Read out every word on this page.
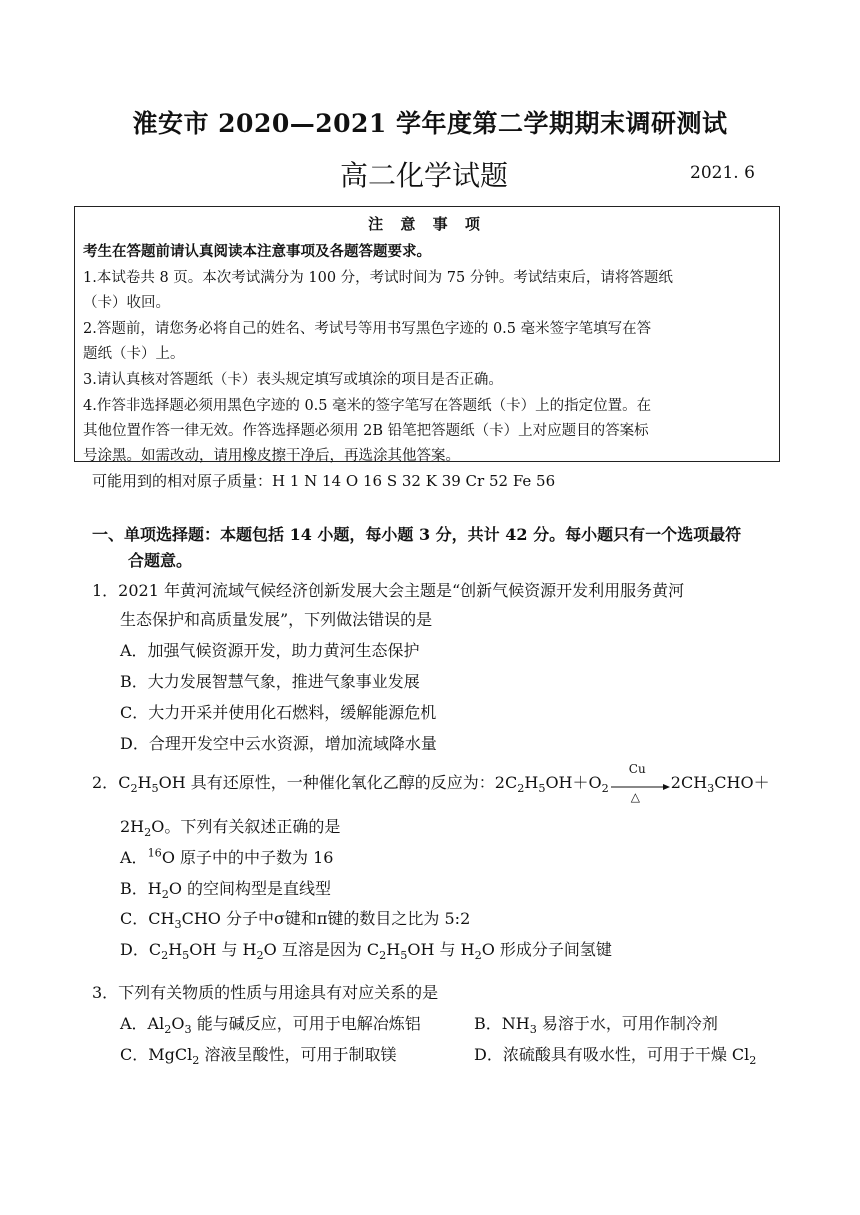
淮安市 2020—2021 学年度第二学期期末调研测试
高二化学试题	2021. 6
注 意 事 项
考生在答题前请认真阅读本注意事项及各题答题要求。
1.本试卷共 8 页。本次考试满分为 100 分，考试时间为 75 分钟。考试结束后，请将答题纸
（卡）收回。
2.答题前，请您务必将自己的姓名、考试号等用书写黑色字迹的 0.5 毫米签字笔填写在答
题纸（卡）上。
3.请认真核对答题纸（卡）表头规定填写或填涂的项目是否正确。
4.作答非选择题必须用黑色字迹的 0.5 毫米的签字笔写在答题纸（卡）上的指定位置。在
其他位置作答一律无效。作答选择题必须用 2B 铅笔把答题纸（卡）上对应题目的答案标
号涂黑。如需改动，请用橡皮擦干净后，再选涂其他答案。
可能用到的相对原子质量：H 1 N 14 O 16 S 32 K 39 Cr 52 Fe 56
一、单项选择题：本题包括 14 小题，每小题 3 分，共计 42 分。每小题只有一个选项最符
合题意。
1．2021 年黄河流域气候经济创新发展大会主题是“创新气候资源开发利用服务黄河
生态保护和高质量发展”，下列做法错误的是
A．加强气候资源开发，助力黄河生态保护
B．大力发展智慧气象，推进气象事业发展
C．大力开采并使用化石燃料，缓解能源危机
D．合理开发空中云水资源，增加流域降水量
2．$C_2H_5OH$ 具有还原性，一种催化氧化乙醇的反应为：$2C_2H_5OH+O_2$
Cu
△
$2CH_3CHO+$
$2H_2O$。下列有关叙述正确的是
A．$^{16}$O 原子中的中子数为 16
B．$H_2O$ 的空间构型是直线型
C．$CH_3CHO$ 分子中σ键和π键的数目之比为 5:2
D．$C_2H_5OH$ 与 $H_2O$ 互溶是因为 $C_2H_5OH$ 与 $H_2O$ 形成分子间氢键
3．下列有关物质的性质与用途具有对应关系的是
A．$Al_2O_3$ 能与碱反应，可用于电解冶炼铝	B．$NH_3$ 易溶于水，可用作制冷剂
C．MgCl$_2$ 溶液呈酸性，可用于制取镁	D．浓硫酸具有吸水性，可用于干燥 $Cl_2$
